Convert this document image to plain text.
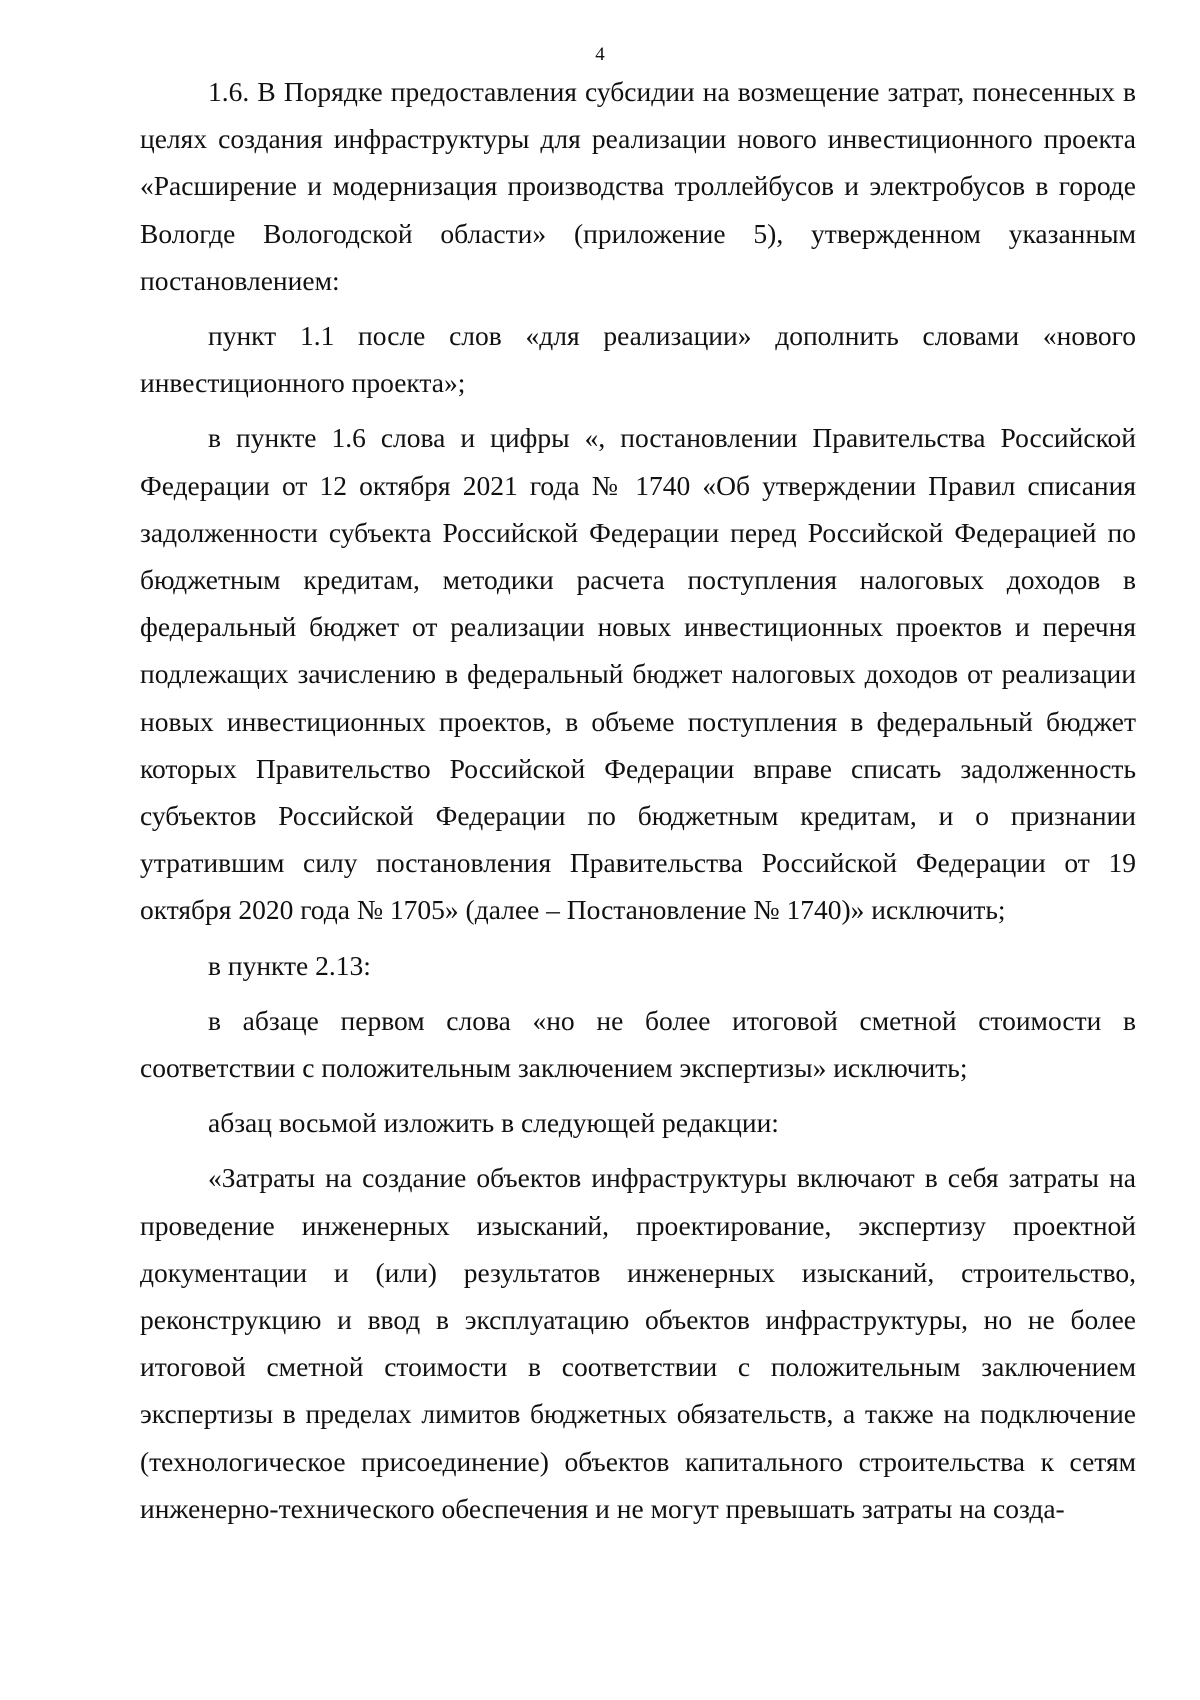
4

1.6. В Порядке предоставления субсидии на возмещение затрат, понесенных в целях создания инфраструктуры для реализации нового инвестиционного проекта «Расширение и модернизация производства троллейбусов и электробусов в городе Вологде Вологодской области» (приложение 5), утвержденном указанным постановлением:

пункт 1.1 после слов «для реализации» дополнить словами «нового инвестиционного проекта»;

в пункте 1.6 слова и цифры «, постановлении Правительства Российской Федерации от 12 октября 2021 года № 1740 «Об утверждении Правил списания задолженности субъекта Российской Федерации перед Российской Федерацией по бюджетным кредитам, методики расчета поступления налоговых доходов в федеральный бюджет от реализации новых инвестиционных проектов и перечня подлежащих зачислению в федеральный бюджет налоговых доходов от реализации новых инвестиционных проектов, в объеме поступления в федеральный бюджет которых Правительство Российской Федерации вправе списать задолженность субъектов Российской Федерации по бюджетным кредитам, и о признании утратившим силу постановления Правительства Российской Федерации от 19 октября 2020 года № 1705» (далее – Постановление № 1740)» исключить;

в пункте 2.13:

в абзаце первом слова «но не более итоговой сметной стоимости в соответствии с положительным заключением экспертизы» исключить;

абзац восьмой изложить в следующей редакции:

«Затраты на создание объектов инфраструктуры включают в себя затраты на проведение инженерных изысканий, проектирование, экспертизу проектной документации и (или) результатов инженерных изысканий, строительство, реконструкцию и ввод в эксплуатацию объектов инфраструктуры, но не более итоговой сметной стоимости в соответствии с положительным заключением экспертизы в пределах лимитов бюджетных обязательств, а также на подключение (технологическое присоединение) объектов капитального строительства к сетям инженерно-технического обеспечения и не могут превышать затраты на созда-
